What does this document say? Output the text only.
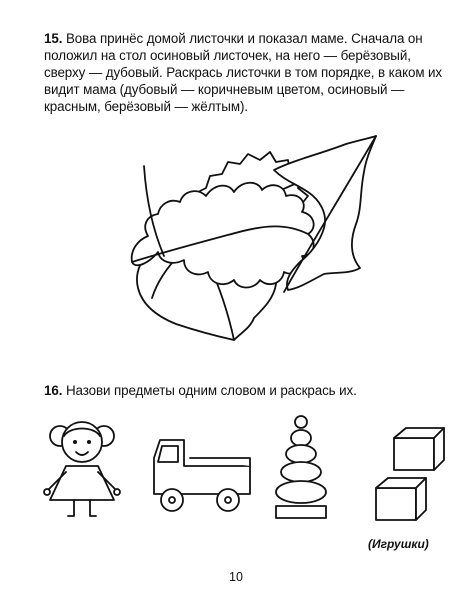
15. Вова принёс домой листочки и показал маме. Сначала он положил на стол осиновый листочек, на него — берёзовый, сверху — дубовый. Раскрась листочки в том порядке, в каком их видит мама (дубовый — коричневым цветом, осиновый — красным, берёзовый — жёлтым).
16. Назови предметы одним словом и раскрась их.
(Игрушки)
10
